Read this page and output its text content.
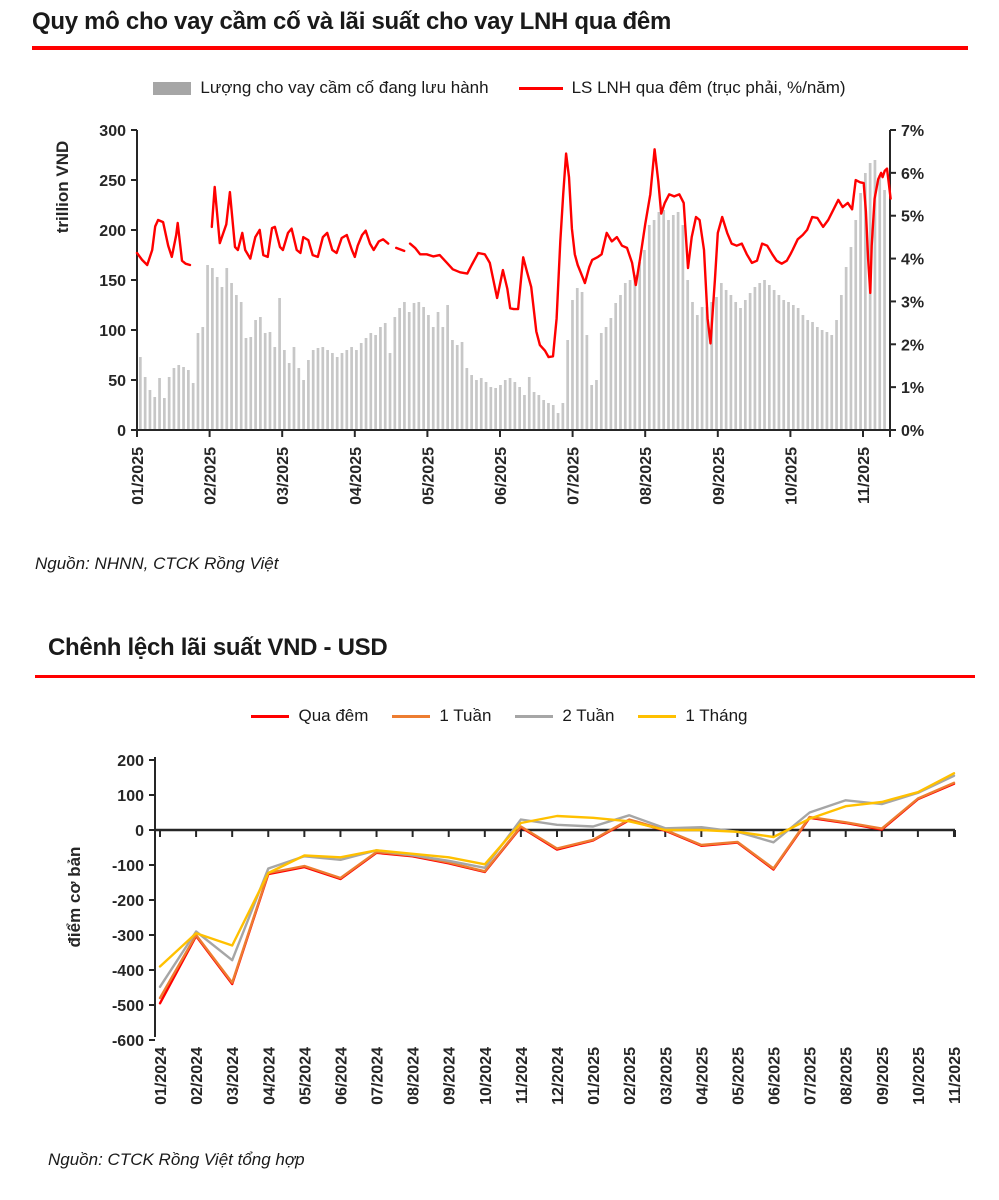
Quy mô cho vay cầm cố và lãi suất cho vay LNH qua đêm
Lượng cho vay cầm cố đang lưu hành	LS LNH qua đêm (trục phải, %/năm)
0
50
100
150
200
250
300
trillion VND
0%
1%
2%
3%
4%
5%
6%
7%
01/2025	02/2025	03/2025	04/2025	05/2025	06/2025	07/2025	08/2025	09/2025	10/2025	11/2025
Nguồn: NHNN, CTCK Rồng Việt
Chênh lệch lãi suất VND - USD
Qua đêm	1 Tuần	2 Tuần	1 Tháng
200
100
0
-100
-200
-300
-400
-500
-600
điểm cơ bản
01/2024 02/2024 03/2024 04/2024 05/2024 06/2024 07/2024 08/2024 09/2024 10/2024 11/2024 12/2024 01/2025 02/2025 03/2025 04/2025 05/2025 06/2025 07/2025 08/2025 09/2025 10/2025 11/2025
Nguồn: CTCK Rồng Việt tổng hợp
